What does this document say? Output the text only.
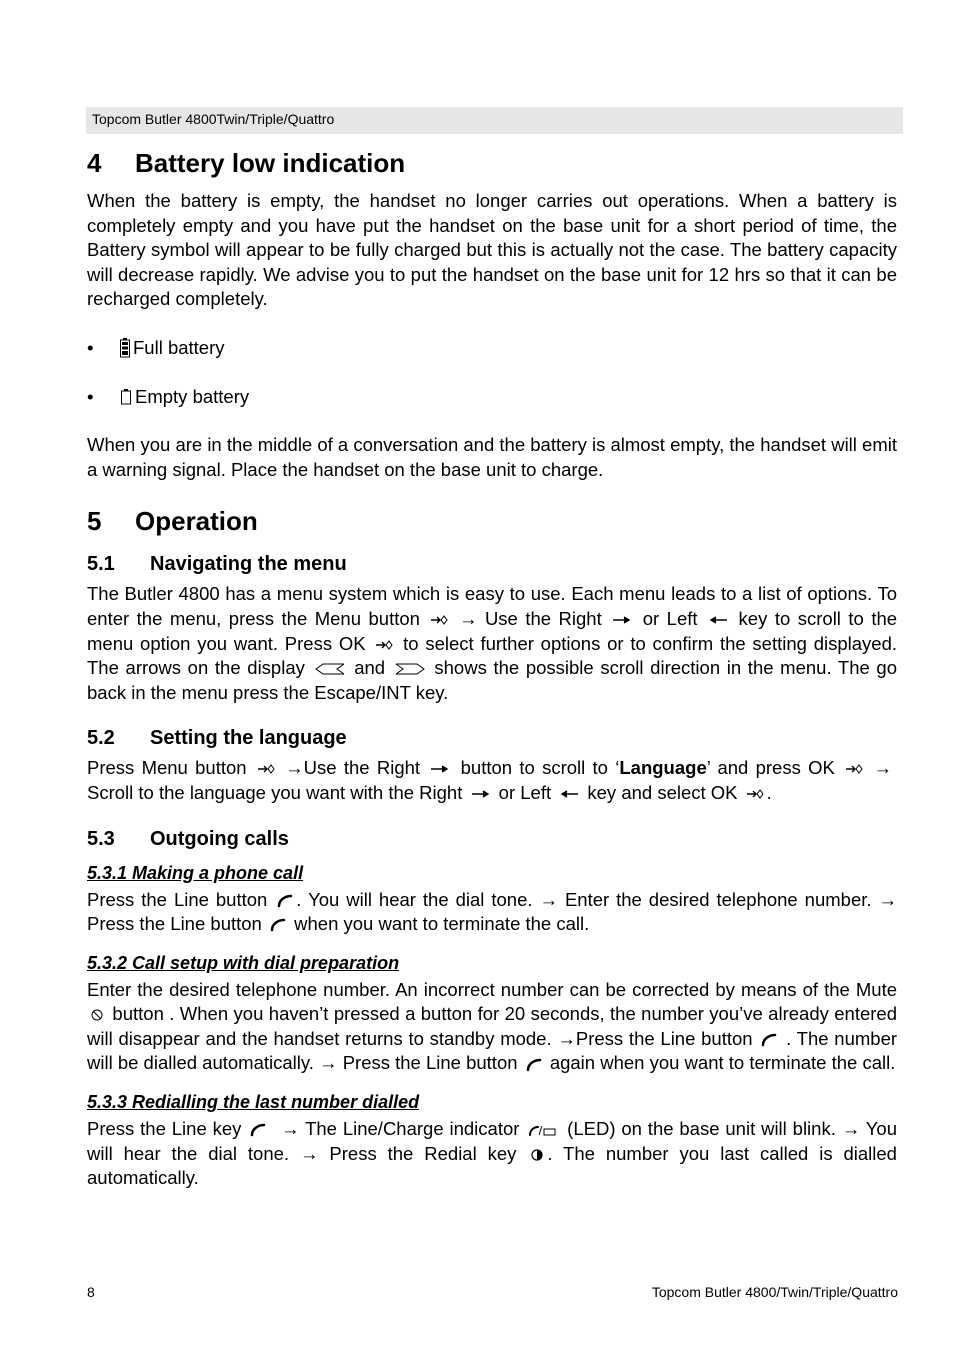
Topcom Butler 4800Twin/Triple/Quattro
4	Battery low indication

When the battery is empty, the handset no longer carries out operations. When a battery is completely empty and you have put the handset on the base unit for a short period of time, the Battery symbol will appear to be fully charged but this is actually not the case. The battery capacity will decrease rapidly. We advise you to put the handset on the base unit for 12 hrs so that it can be recharged completely.

•	Full battery
•	Empty battery

When you are in the middle of a conversation and the battery is almost empty, the handset will emit a warning signal. Place the handset on the base unit to charge.

5	Operation
5.1	Navigating the menu

The Butler 4800 has a menu system which is easy to use. Each menu leads to a list of options. To enter the menu, press the Menu button → Use the Right or Left key to scroll to the menu option you want. Press OK to select further options or to confirm the setting displayed. The arrows on the display	and	shows the possible scroll direction in the menu. The go back in the menu press the Escape/INT key.

5.2	Setting the language

Press Menu button →Use the Right button to scroll to ‘Language’ and press OK →  Scroll to the language you want with the Right or Left key and select OK .

5.3	Outgoing calls
5.3.1 Making a phone call

Press the Line button . You will hear the dial tone. → Enter the desired telephone number. → Press the Line button when you want to terminate the call.

5.3.2 Call setup with dial preparation

Enter the desired telephone number. An incorrect number can be corrected by means of the Mute  button . When you haven’t pressed a button for 20 seconds, the number you’ve already entered will disappear and the handset returns to standby mode. →Press the Line button . The number will be dialled automatically. → Press the Line button again when you want to terminate the call.

5.3.3 Redialling the last number dialled

Press the Line key → The Line/Charge indicator	(LED) on the base unit will blink. → You will hear the dial tone. → Press the Redial key . The number you last called is dialled automatically.

8	Topcom Butler 4800/Twin/Triple/Quattro
